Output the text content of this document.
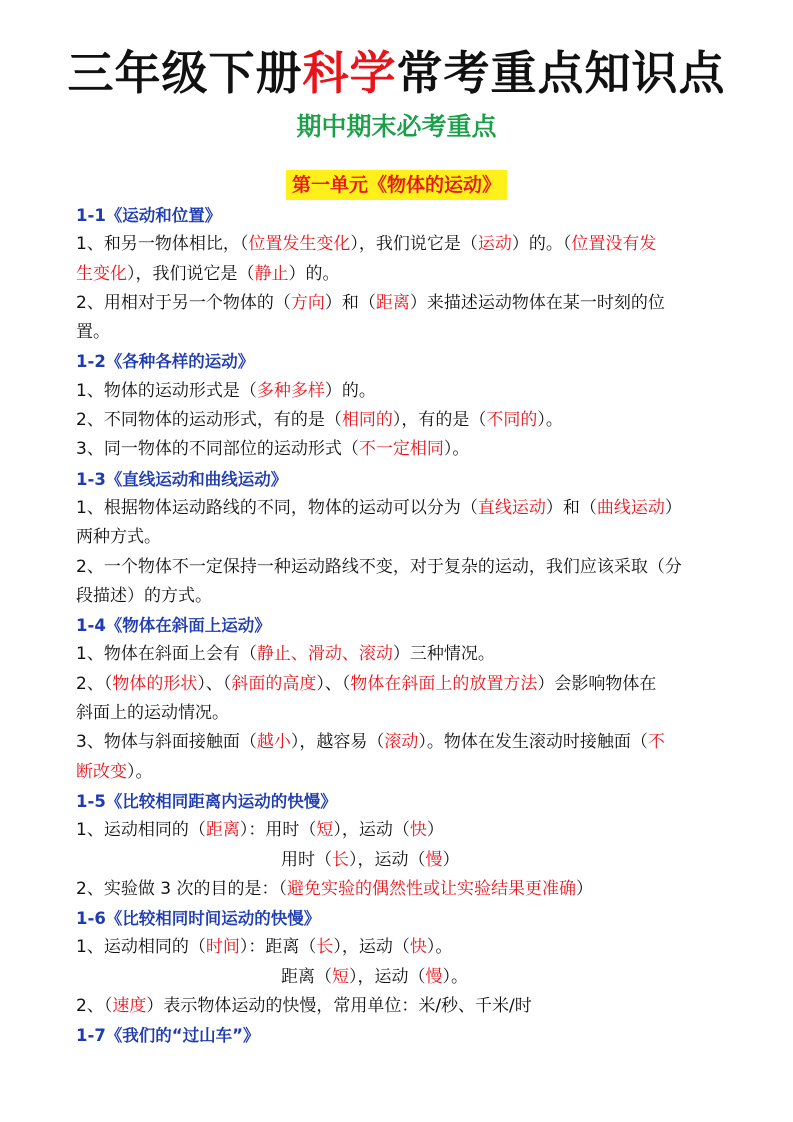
三年级下册科学常考重点知识点
期中期末必考重点
第一单元《物体的运动》
1-1《运动和位置》
1、和另一物体相比，（位置发生变化），我们说它是（运动）的。（位置没有发
生变化），我们说它是（静止）的。
2、用相对于另一个物体的（方向）和（距离）来描述运动物体在某一时刻的位
置。
1-2《各种各样的运动》
1、物体的运动形式是（多种多样）的。
2、不同物体的运动形式，有的是（相同的），有的是（不同的）。
3、同一物体的不同部位的运动形式（不一定相同）。
1-3《直线运动和曲线运动》
1、根据物体运动路线的不同，物体的运动可以分为（直线运动）和（曲线运动）
两种方式。
2、一个物体不一定保持一种运动路线不变，对于复杂的运动，我们应该采取（分
段描述）的方式。
1-4《物体在斜面上运动》
1、物体在斜面上会有（静止、滑动、滚动）三种情况。
2、（物体的形状）、（斜面的高度）、（物体在斜面上的放置方法）会影响物体在
斜面上的运动情况。
3、物体与斜面接触面（越小），越容易（滚动）。物体在发生滚动时接触面（不
断改变）。
1-5《比较相同距离内运动的快慢》
1、运动相同的（距离）：用时（短），运动（快）
用时（长），运动（慢）
2、实验做 3 次的目的是：（避免实验的偶然性或让实验结果更准确）
1-6《比较相同时间运动的快慢》
1、运动相同的（时间）：距离（长），运动（快）。
距离（短），运动（慢）。
2、（速度）表示物体运动的快慢，常用单位：米/秒、千米/时
1-7《我们的“过山车”》
